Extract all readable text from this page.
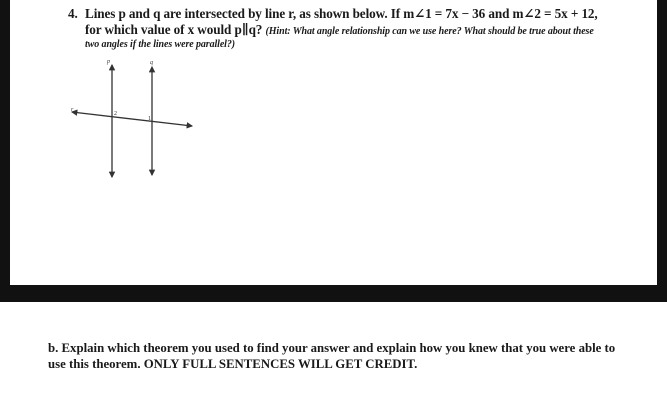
4. Lines p and q are intersected by line r, as shown below. If m∠1 = 7x − 36 and m∠2 = 5x + 12,
for which value of x would p∥q? (Hint: What angle relationship can we use here? What should be true about these
two angles if the lines were parallel?)
p	q
r
2
1
b. Explain which theorem you used to find your answer and explain how you knew that you were able to
use this theorem. ONLY FULL SENTENCES WILL GET CREDIT.
